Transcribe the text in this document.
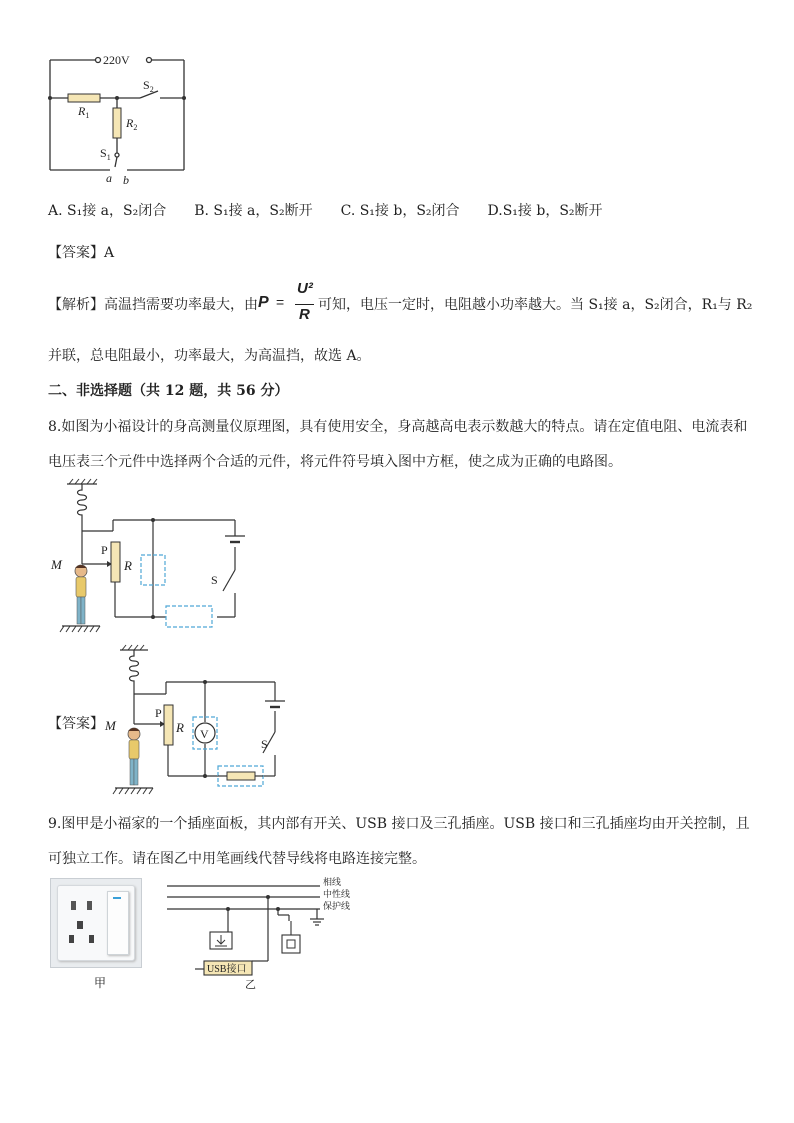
220V
$S_2$
$R_1$
$R_2$
$S_1$
a b
A. S₁接 a，S₂闭合　　B. S₁接 a，S₂断开　　C. S₁接 b，S₂闭合　　D.S₁接 b，S₂断开
【答案】A
【解析】高温挡需要功率最大，由 P =
U²
R
可知，电压一定时，电阻越小功率越大。当 S₁接 a，S₂闭合，R₁与 R₂
并联，总电阻最小，功率最大，为高温挡，故选 A。
二、非选择题（共 12 题，共 56 分）
8.如图为小福设计的身高测量仪原理图，具有使用安全，身高越高电表示数越大的特点。请在定值电阻、电流表和
电压表三个元件中选择两个合适的元件，将元件符号填入图中方框，使之成为正确的电路图。
P
R
M
S
【答案】
V
P
R
M
S
9.图甲是小福家的一个插座面板，其内部有开关、USB 接口及三孔插座。USB 接口和三孔插座均由开关控制，且
可独立工作。请在图乙中用笔画线代替导线将电路连接完整。
甲
USB接口
相线
中性线
保护线
乙
